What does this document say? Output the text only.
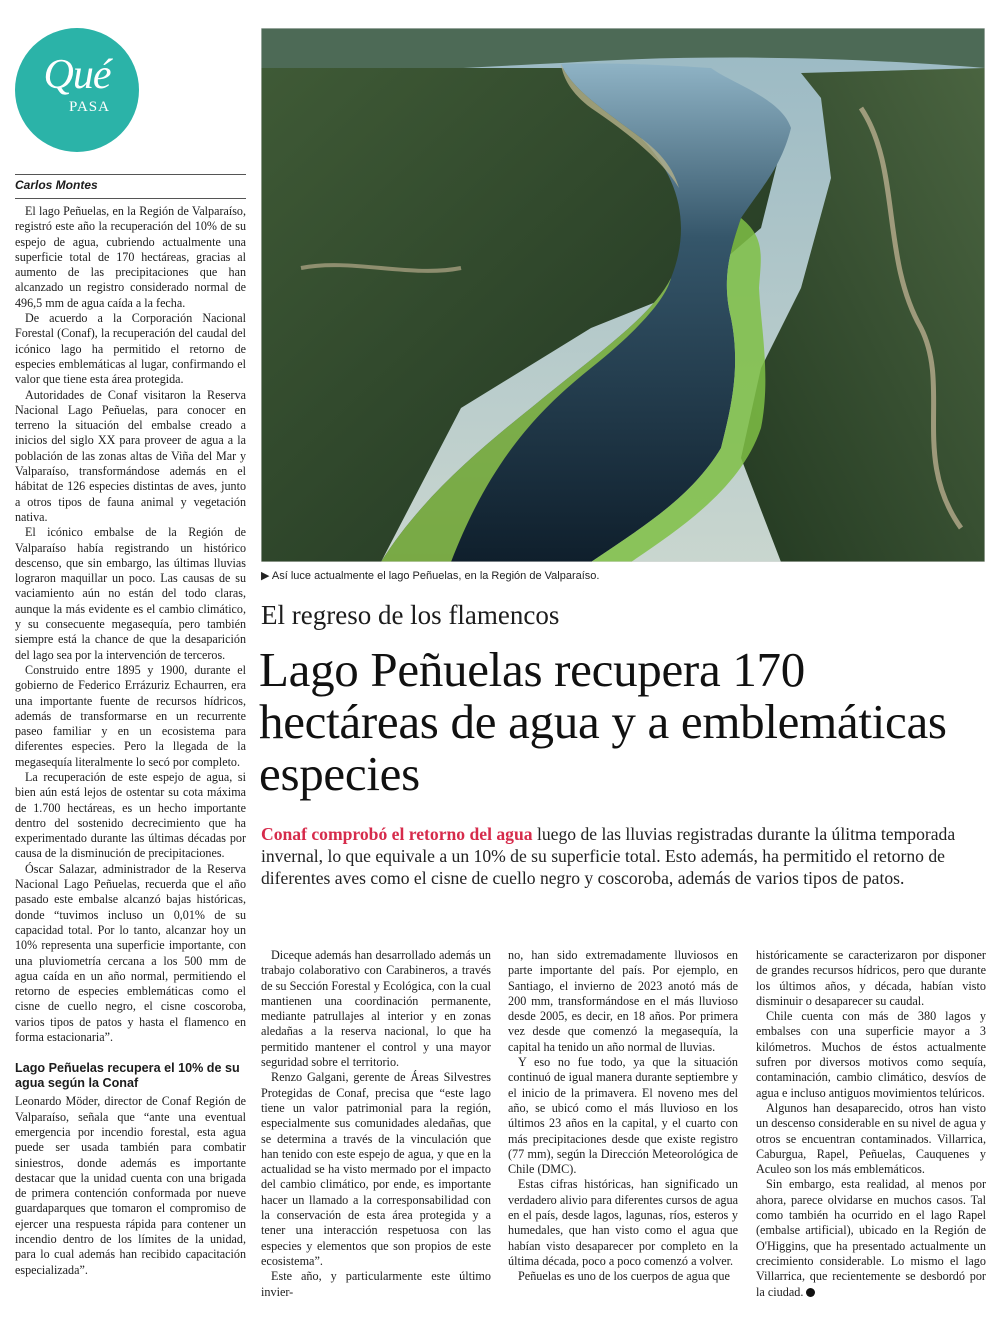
Qué
PASA
▶ Así luce actualmente el lago Peñuelas, en la Región de Valparaíso.
El regreso de los flamencos
Lago Peñuelas recupera 170 hectáreas de agua y a emblemáticas especies
Conaf comprobó el retorno del agua luego de las lluvias registradas durante la úlitma temporada invernal, lo que equivale a un 10% de su superficie total. Esto además, ha permitido el retorno de diferentes aves como el cisne de cuello negro y coscoroba, además de varios tipos de patos.
Carlos Montes

El lago Peñuelas, en la Región de Valparaíso, registró este año la recuperación del 10% de su espejo de agua, cubriendo actualmente una superficie total de 170 hectáreas, gracias al aumento de las precipitaciones que han alcanzado un registro considerado normal de 496,5 mm de agua caída a la fecha.

De acuerdo a la Corporación Nacional Forestal (Conaf), la recuperación del caudal del icónico lago ha permitido el retorno de especies emblemáticas al lugar, confirmando el valor que tiene esta área protegida.

Autoridades de Conaf visitaron la Reserva Nacional Lago Peñuelas, para conocer en terreno la situación del embalse creado a inicios del siglo XX para proveer de agua a la población de las zonas altas de Viña del Mar y Valparaíso, transformándose además en el hábitat de 126 especies distintas de aves, junto a otros tipos de fauna animal y vegetación nativa.

El icónico embalse de la Región de Valparaíso había registrando un histórico descenso, que sin embargo, las últimas lluvias lograron maquillar un poco. Las causas de su vaciamiento aún no están del todo claras, aunque la más evidente es el cambio climático, y su consecuente megasequía, pero también siempre está la chance de que la desaparición del lago sea por la intervención de terceros.

Construido entre 1895 y 1900, durante el gobierno de Federico Errázuriz Echaurren, era una importante fuente de recursos hídricos, además de transformarse en un recurrente paseo familiar y en un ecosistema para diferentes especies. Pero la llegada de la megasequía literalmente lo secó por completo.

La recuperación de este espejo de agua, si bien aún está lejos de ostentar su cota máxima de 1.700 hectáreas, es un hecho importante dentro del sostenido decrecimiento que ha experimentado durante las últimas décadas por causa de la disminución de precipitaciones.

Óscar Salazar, administrador de la Reserva Nacional Lago Peñuelas, recuerda que el año pasado este embalse alcanzó bajas históricas, donde “tuvimos incluso un 0,01% de su capacidad total. Por lo tanto, alcanzar hoy un 10% representa una superficie importante, con una pluviometría cercana a los 500 mm de agua caída en un año normal, permitiendo el retorno de especies emblemáticas como el cisne de cuello negro, el cisne coscoroba, varios tipos de patos y hasta el flamenco en forma estacionaria”.

Lago Peñuelas recupera el 10% de su agua según la Conaf

Leonardo Möder, director de Conaf Región de Valparaíso, señala que “ante una eventual emergencia por incendio forestal, esta agua puede ser usada también para combatir siniestros, donde además es importante destacar que la unidad cuenta con una brigada de primera contención conformada por nueve guardaparques que tomaron el compromiso de ejercer una respuesta rápida para contener un incendio dentro de los límites de la unidad, para lo cual además han recibido capacitación especializada”.

Diceque además han desarrollado además un trabajo colaborativo con Carabineros, a través de su Sección Forestal y Ecológica, con la cual mantienen una coordinación permanente, mediante patrullajes al interior y en zonas aledañas a la reserva nacional, lo que ha permitido mantener el control y una mayor seguridad sobre el territorio.

Renzo Galgani, gerente de Áreas Silvestres Protegidas de Conaf, precisa que “este lago tiene un valor patrimonial para la región, especialmente sus comunidades aledañas, que se determina a través de la vinculación que han tenido con este espejo de agua, y que en la actualidad se ha visto mermado por el impacto del cambio climático, por ende, es importante hacer un llamado a la corresponsabilidad con la conservación de esta área protegida y a tener una interacción respetuosa con las especies y elementos que son propios de este ecosistema”.

Este año, y particularmente este último invier-

no, han sido extremadamente lluviosos en parte importante del país. Por ejemplo, en Santiago, el invierno de 2023 anotó más de 200 mm, transformándose en el más lluvioso desde 2005, es decir, en 18 años. Por primera vez desde que comenzó la megasequía, la capital ha tenido un año normal de lluvias.

Y eso no fue todo, ya que la situación continuó de igual manera durante septiembre y el inicio de la primavera. El noveno mes del año, se ubicó como el más lluvioso en los últimos 23 años en la capital, y el cuarto con más precipitaciones desde que existe registro (77 mm), según la Dirección Meteorológica de Chile (DMC).

Estas cifras históricas, han significado un verdadero alivio para diferentes cursos de agua en el país, desde lagos, lagunas, ríos, esteros y humedales, que han visto como el agua que habían visto desaparecer por completo en la última década, poco a poco comenzó a volver.

Peñuelas es uno de los cuerpos de agua que

históricamente se caracterizaron por disponer de grandes recursos hídricos, pero que durante los últimos años, y década, habían visto disminuir o desaparecer su caudal.

Chile cuenta con más de 380 lagos y embalses con una superficie mayor a 3 kilómetros. Muchos de éstos actualmente sufren por diversos motivos como sequía, contaminación, cambio climático, desvíos de agua e incluso antiguos movimientos telúricos.

Algunos han desaparecido, otros han visto un descenso considerable en su nivel de agua y otros se encuentran contaminados. Villarrica, Caburgua, Rapel, Peñuelas, Cauquenes y Aculeo son los más emblemáticos.

Sin embargo, esta realidad, al menos por ahora, parece olvidarse en muchos casos. Tal como también ha ocurrido en el lago Rapel (embalse artificial), ubicado en la Región de O'Higgins, que ha presentado actualmente un crecimiento considerable. Lo mismo el lago Villarrica, que recientemente se desbordó por la ciudad.
